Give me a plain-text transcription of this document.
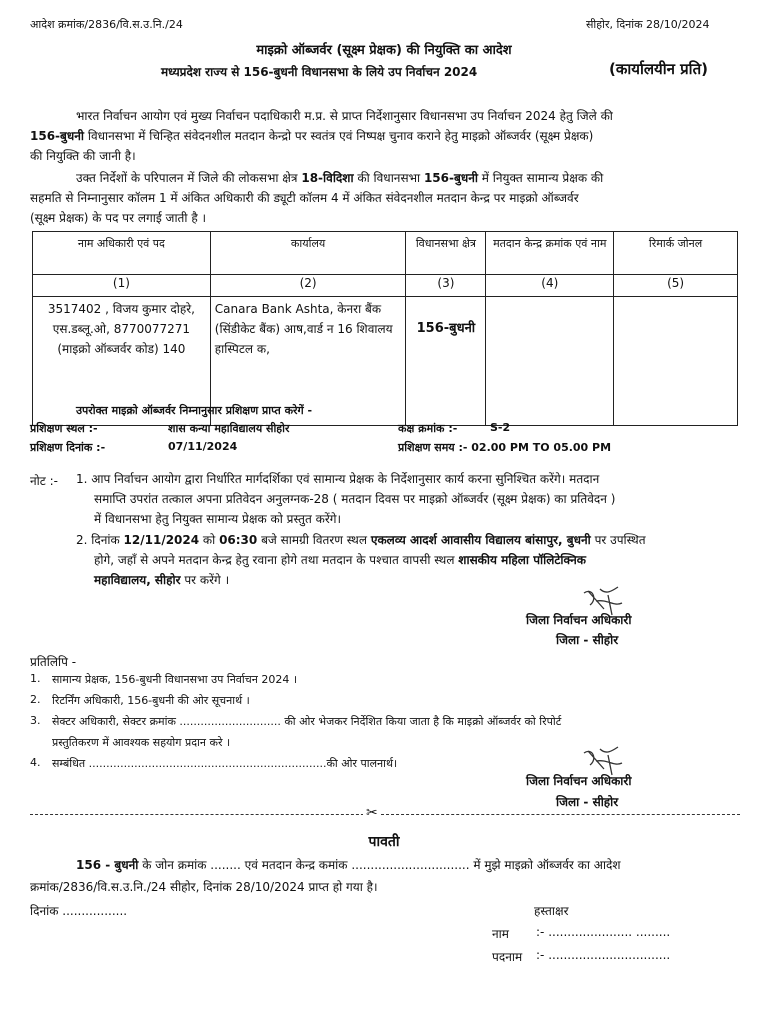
आदेश क्रमांक/2836/वि.स.उ.नि./24	सीहोर, दिनांक 28/10/2024
माइक्रो ऑब्जर्वर (सूक्ष्म प्रेक्षक) की नियुक्ति का आदेश
मध्यप्रदेश राज्य से 156-बुधनी विधानसभा के लिये उप निर्वाचन 2024	(कार्यालयीन प्रति)
भारत निर्वाचन आयोग एवं मुख्य निर्वाचन पदाधिकारी म.प्र. से प्राप्त निर्देशानुसार विधानसभा उप निर्वाचन 2024 हेतु जिले की
156-बुधनी विधानसभा में चिन्हित संवेदनशील मतदान केन्द्रो पर स्वतंत्र एवं निष्पक्ष चुनाव कराने हेतु माइक्रो ऑब्जर्वर (सूक्ष्म प्रेक्षक)
की नियुक्ति की जानी है।
उक्त निर्देशों के परिपालन में जिले की लोकसभा क्षेत्र 18-विदिशा की विधानसभा 156-बुधनी में नियुक्त सामान्य प्रेक्षक की
सहमति से निम्नानुसार कॉलम 1 में अंकित अधिकारी की ड्यूटी कॉलम 4 में अंकित संवेदनशील मतदान केन्द्र पर माइक्रो ऑब्जर्वर
(सूक्ष्म प्रेक्षक) के पद पर लगाई जाती है ।
नाम अधिकारी एवं पद	कार्यालय	विधानसभा क्षेत्र	मतदान केन्द्र क्रमांक एवं नाम	रिमार्क जोनल
(1)	(2)	(3)	(4)	(5)
3517402 , विजय कुमार दोहरे, एस.डब्लू.ओ, 8770077271 (माइक्रो ऑब्जर्वर कोड) 140	Canara Bank Ashta, केनरा बैंक (सिंडीकेट बैंक) आष,वार्ड न 16 शिवालय हास्पिटल क,	156-बुधनी		
उपरोक्त माइक्रो ऑब्जर्वर निम्नानुसार प्रशिक्षण प्राप्त करेगें -
प्रशिक्षण स्थल :-	शास कन्या महाविद्यालय सीहोर	कक्ष क्रमांक :-	S-2
प्रशिक्षण दिनांक :-	07/11/2024	प्रशिक्षण समय :- 02.00 PM TO 05.00 PM
नोट :- 1. आप निर्वाचन आयोग द्वारा निर्धारित मार्गदर्शिका एवं सामान्य प्रेक्षक के निर्देशानुसार कार्य करना सुनिश्चित करेंगे। मतदान
समाप्ति उपरांत तत्काल अपना प्रतिवेदन अनुलग्नक-28 ( मतदान दिवस पर माइक्रो ऑब्जर्वर (सूक्ष्म प्रेक्षक) का प्रतिवेदन )
में विधानसभा हेतु नियुक्त सामान्य प्रेक्षक को प्रस्तुत करेंगे।
2. दिनांक 12/11/2024 को 06:30 बजे सामग्री वितरण स्थल एकलव्य आदर्श आवासीय विद्यालय बांसापुर, बुधनी पर उपस्थित
होगे, जहाँ से अपने मतदान केन्द्र हेतु रवाना होगे तथा मतदान के पश्चात वापसी स्थल शासकीय महिला पॉलिटेक्निक
महाविद्यालय, सीहोर पर करेंगे ।
जिला निर्वाचन अधिकारी
जिला - सीहोर
प्रतिलिपि -
1. सामान्य प्रेक्षक, 156-बुधनी विधानसभा उप निर्वाचन 2024 ।
2. रिटर्निंग अधिकारी, 156-बुधनी की ओर सूचनार्थ ।
3. सेक्टर अधिकारी, सेक्टर क्रमांक ............................. की ओर भेजकर निर्देशित किया जाता है कि माइक्रो ऑब्जर्वर को रिपोर्ट
प्रस्तुतिकरण में आवश्यक सहयोग प्रदान करे ।
4. सम्बंधित ....................................................................की ओर पालनार्थ।
जिला निर्वाचन अधिकारी
जिला - सीहोर
✂
पावती
156 - बुधनी के जोन क्रमांक ........ एवं मतदान केन्द्र कमांक ............................... में मुझे माइक्रो ऑब्जर्वर का आदेश
क्रमांक/2836/वि.स.उ.नि./24 सीहोर, दिनांक 28/10/2024 प्राप्त हो गया है।
दिनांक .................	हस्ताक्षर
नाम :- ...................... .........
पदनाम :- ................................
